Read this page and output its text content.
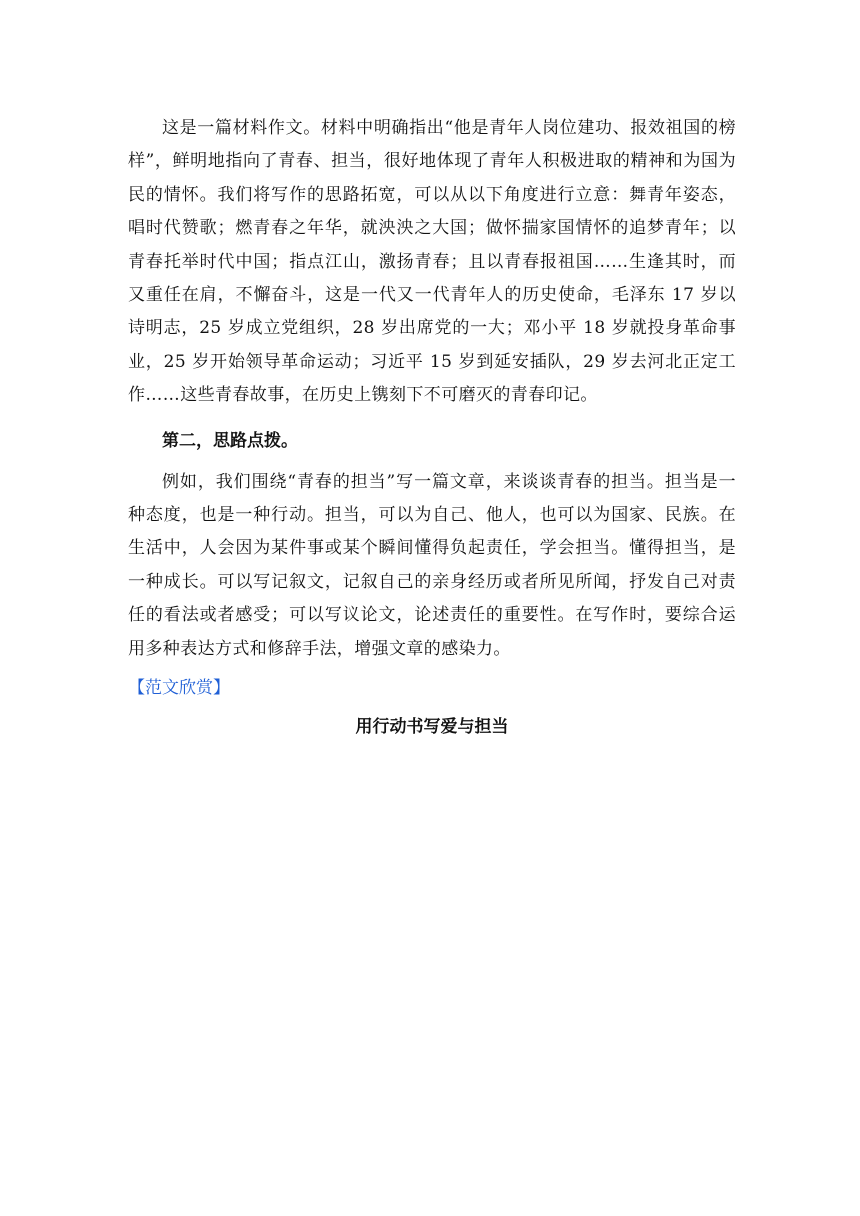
这是一篇材料作文。材料中明确指出“他是青年人岗位建功、报效祖国的榜样”，鲜明地指向了青春、担当，很好地体现了青年人积极进取的精神和为国为民的情怀。我们将写作的思路拓宽，可以从以下角度进行立意：舞青年姿态，唱时代赞歌；燃青春之年华，就泱泱之大国；做怀揣家国情怀的追梦青年；以青春托举时代中国；指点江山，激扬青春；且以青春报祖国……生逢其时，而又重任在肩，不懈奋斗，这是一代又一代青年人的历史使命，毛泽东 17 岁以诗明志，25 岁成立党组织，28 岁出席党的一大；邓小平 18 岁就投身革命事业，25 岁开始领导革命运动；习近平 15 岁到延安插队，29 岁去河北正定工作……这些青春故事，在历史上镌刻下不可磨灭的青春印记。

第二，思路点拨。

例如，我们围绕“青春的担当”写一篇文章，来谈谈青春的担当。担当是一种态度，也是一种行动。担当，可以为自己、他人，也可以为国家、民族。在生活中，人会因为某件事或某个瞬间懂得负起责任，学会担当。懂得担当，是一种成长。可以写记叙文，记叙自己的亲身经历或者所见所闻，抒发自己对责任的看法或者感受；可以写议论文，论述责任的重要性。在写作时，要综合运用多种表达方式和修辞手法，增强文章的感染力。

【范文欣赏】

用行动书写爱与担当
